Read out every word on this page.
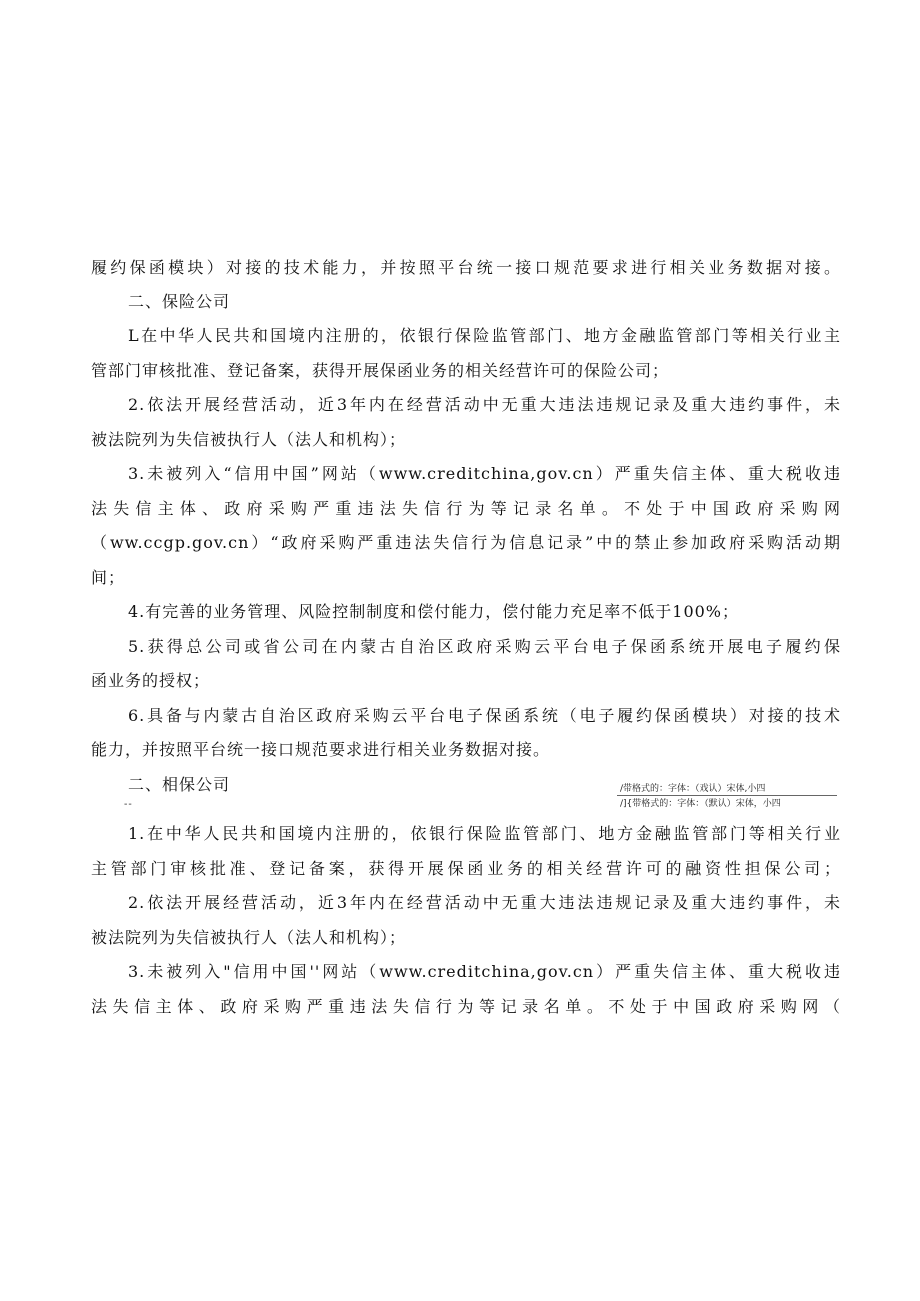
履约保函模块）对接的技术能力，并按照平台统一接口规范要求进行相关业务数据对接。
二、保险公司
L在中华人民共和国境内注册的，依银行保险监管部门、地方金融监管部门等相关行业主
管部门审核批准、登记备案，获得开展保函业务的相关经营许可的保险公司；
2.依法开展经营活动，近3年内在经营活动中无重大违法违规记录及重大违约事件，未
被法院列为失信被执行人（法人和机构）；
3.未被列入“信用中国”网站（www.creditchina,gov.cn）严重失信主体、重大税收违
法失信主体、政府采购严重违法失信行为等记录名单。不处于中国政府采购网
（ww.ccgp.gov.cn）“政府采购严重违法失信行为信息记录”中的禁止参加政府采购活动期
间；
4.有完善的业务管理、风险控制制度和偿付能力，偿付能力充足率不低于100%；
5.获得总公司或省公司在内蒙古自治区政府采购云平台电子保函系统开展电子履约保
函业务的授权；
6.具备与内蒙古自治区政府采购云平台电子保函系统（电子履约保函模块）对接的技术
能力，并按照平台统一接口规范要求进行相关业务数据对接。
二、相保公司
--
/带格式的：字体：（戏认）宋体,小四
/]{带格式的：字体：（默认）宋体，小四
1.在中华人民共和国境内注册的，依银行保险监管部门、地方金融监管部门等相关行业
主管部门审核批准、登记备案，获得开展保函业务的相关经营许可的融资性担保公司；
2.依法开展经营活动，近3年内在经营活动中无重大违法违规记录及重大违约事件，未
被法院列为失信被执行人（法人和机构）；
3.未被列入"信用中国''网站（www.creditchina,gov.cn）严重失信主体、重大税收违
法失信主体、政府采购严重违法失信行为等记录名单。不处于中国政府采购网（
